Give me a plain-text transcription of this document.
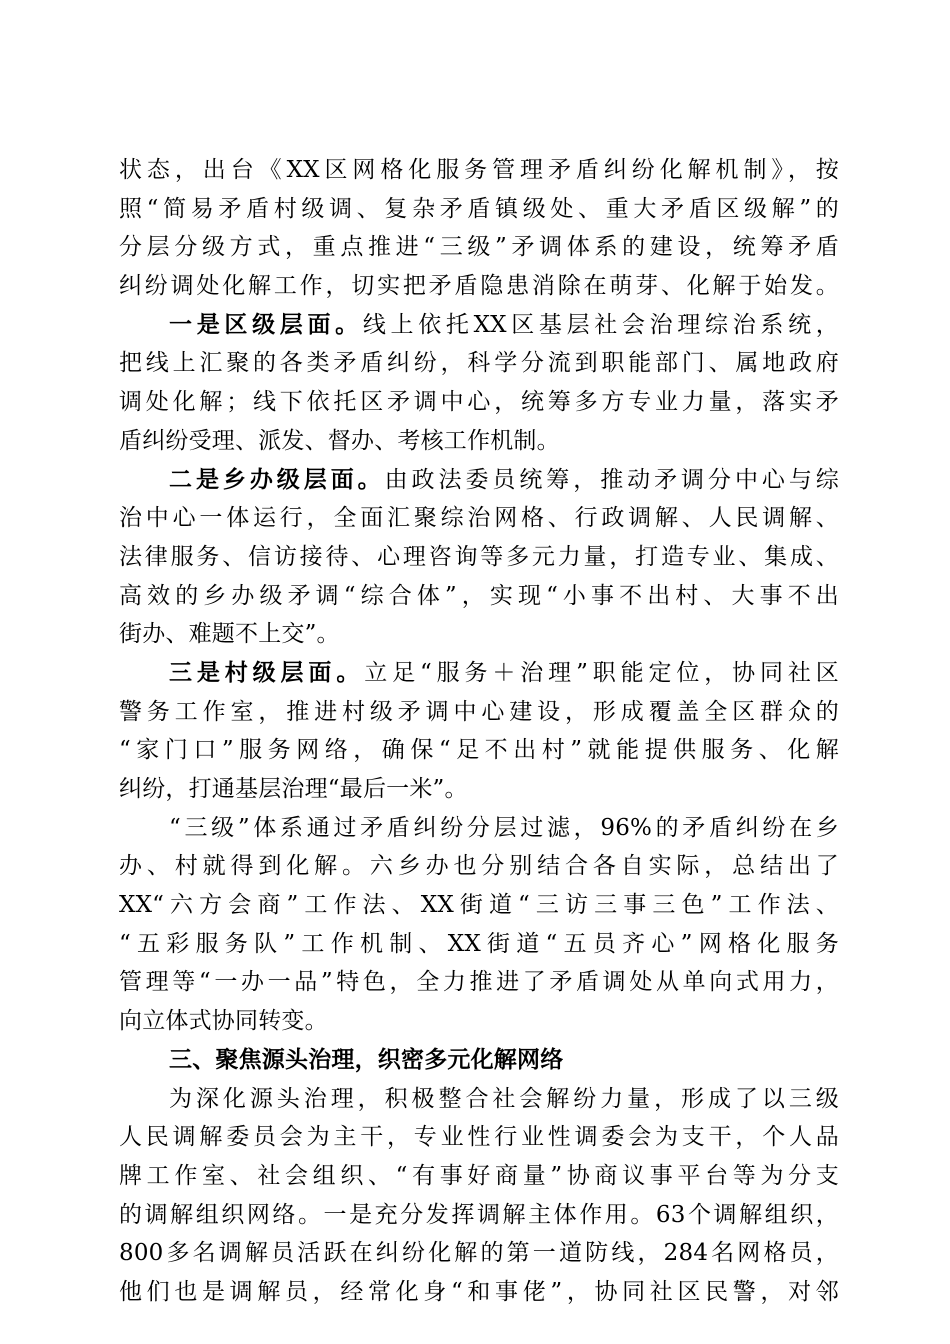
状态，出台《XX区网格化服务管理矛盾纠纷化解机制》，按
照“简易矛盾村级调、复杂矛盾镇级处、重大矛盾区级解”的
分层分级方式，重点推进“三级”矛调体系的建设，统筹矛盾
纠纷调处化解工作，切实把矛盾隐患消除在萌芽、化解于始发。
一是区级层面。线上依托XX区基层社会治理综治系统，
把线上汇聚的各类矛盾纠纷，科学分流到职能部门、属地政府
调处化解；线下依托区矛调中心，统筹多方专业力量，落实矛
盾纠纷受理、派发、督办、考核工作机制。
二是乡办级层面。由政法委员统筹，推动矛调分中心与综
治中心一体运行，全面汇聚综治网格、行政调解、人民调解、
法律服务、信访接待、心理咨询等多元力量，打造专业、集成、
高效的乡办级矛调“综合体”，实现“小事不出村、大事不出
街办、难题不上交”。
三是村级层面。立足“服务＋治理”职能定位，协同社区
警务工作室，推进村级矛调中心建设，形成覆盖全区群众的
“家门口”服务网络，确保“足不出村”就能提供服务、化解
纠纷，打通基层治理“最后一米”。
“三级”体系通过矛盾纠纷分层过滤，96%的矛盾纠纷在乡
办、村就得到化解。六乡办也分别结合各自实际，总结出了
XX“六方会商”工作法、XX街道“三访三事三色”工作法、
“五彩服务队”工作机制、XX街道“五员齐心”网格化服务
管理等“一办一品”特色，全力推进了矛盾调处从单向式用力，
向立体式协同转变。
三、聚焦源头治理，织密多元化解网络
为深化源头治理，积极整合社会解纷力量，形成了以三级
人民调解委员会为主干，专业性行业性调委会为支干，个人品
牌工作室、社会组织、“有事好商量”协商议事平台等为分支
的调解组织网络。一是充分发挥调解主体作用。63个调解组织，
800多名调解员活跃在纠纷化解的第一道防线，284名网格员，
他们也是调解员，经常化身“和事佬”，协同社区民警，对邻
